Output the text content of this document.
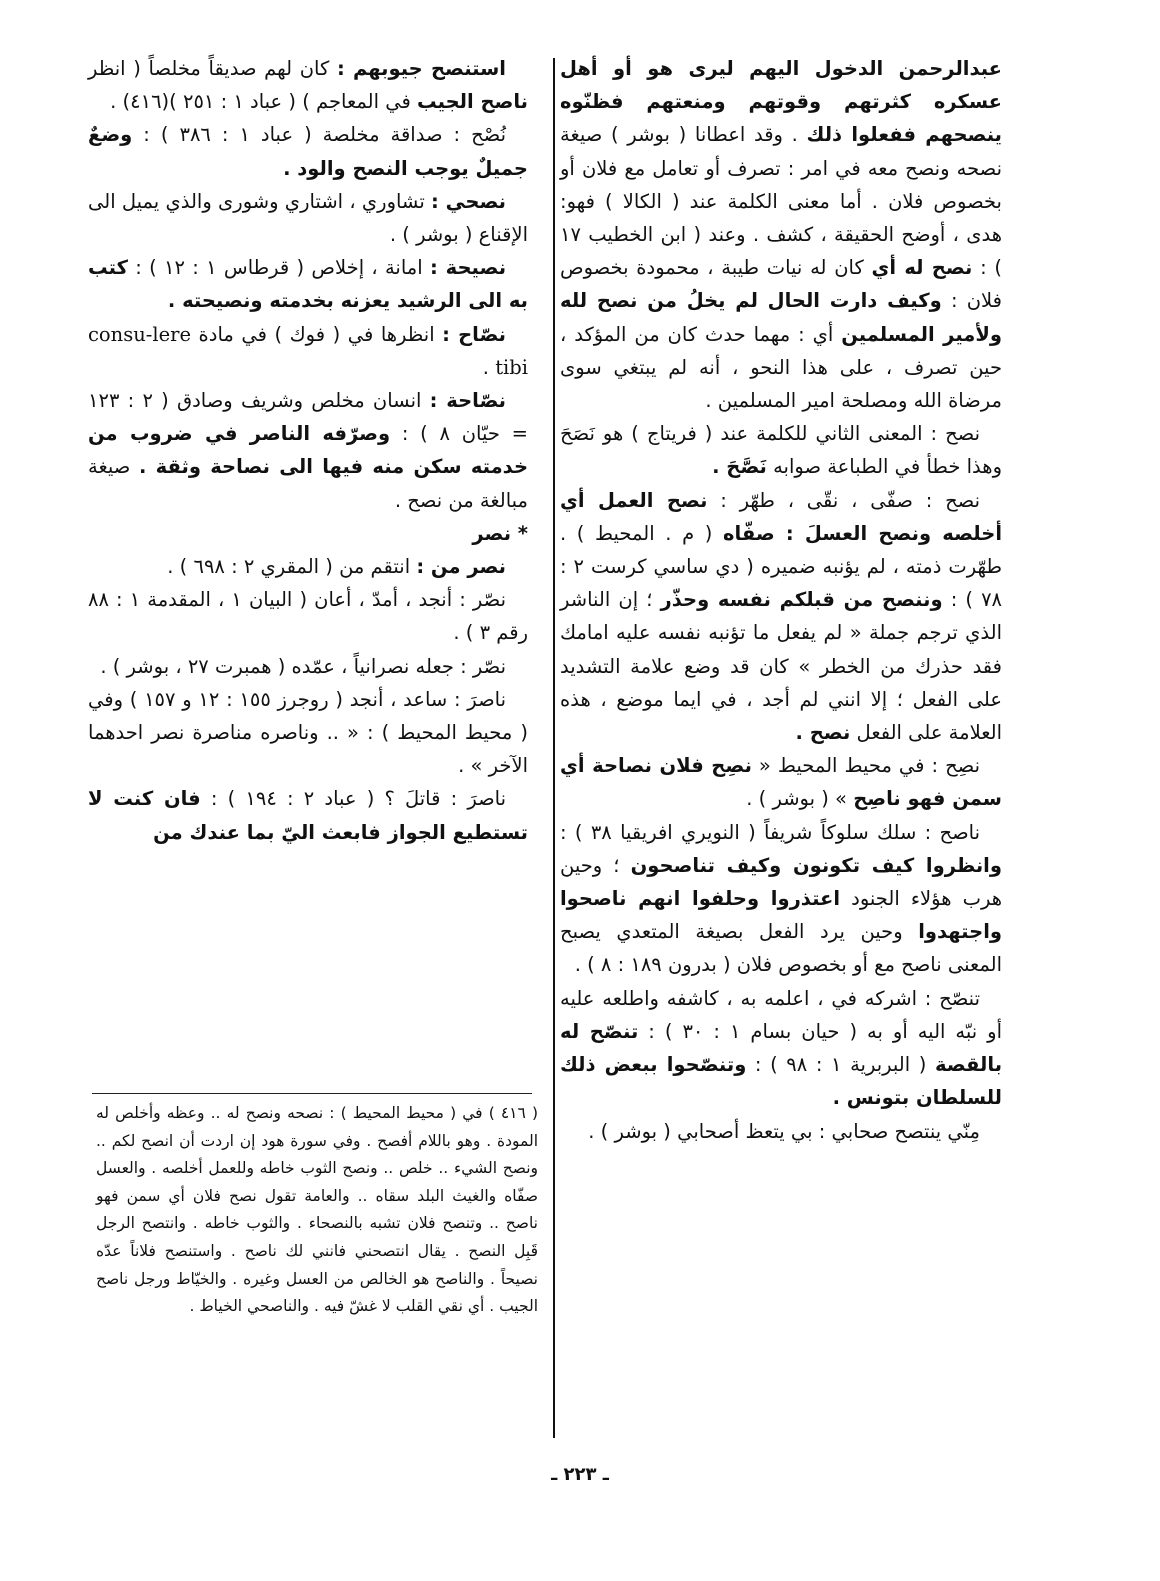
عبدالرحمن الدخول اليهم ليرى هو أو أهل عسكره كثرتهم وقوتهم ومنعتهم فظنّوه ينصحهم ففعلوا ذلك . وقد اعطانا ( بوشر ) صيغة نصحه ونصح معه في امر : تصرف أو تعامل مع فلان أو بخصوص فلان . أما معنى الكلمة عند ( الكالا ) فهو: هدى ، أوضح الحقيقة ، كشف . وعند ( ابن الخطيب ١٧ ) : نصح له أي كان له نيات طيبة ، محمودة بخصوص فلان : وكيف دارت الحال لم يخلُ من نصح لله ولأمير المسلمين أي : مهما حدث كان من المؤكد ، حين تصرف ، على هذا النحو ، أنه لم يبتغي سوى مرضاة الله ومصلحة امير المسلمين .

نصح : المعنى الثاني للكلمة عند ( فريتاج ) هو نَصَحَ وهذا خطأ في الطباعة صوابه نَصَّحَ .

نصح : صفّى ، نقّى ، طهّر : نصح العمل أي أخلصه ونصح العسلَ : صفّاه ( م . المحيط ) . طهّرت ذمته ، لم يؤنبه ضميره ( دي ساسي كرست ٢ : ٧٨ ) : وننصح من قبلكم نفسه وحذّر ؛ إن الناشر الذي ترجم جملة « لم يفعل ما تؤنبه نفسه عليه امامك فقد حذرك من الخطر » كان قد وضع علامة التشديد على الفعل ؛ إلا انني لم أجد ، في ايما موضع ، هذه العلامة على الفعل نصح .

نصِح : في محيط المحيط « نصِح فلان نصاحة أي سمن فهو ناصِح » ( بوشر ) .

ناصح : سلك سلوكاً شريفاً ( النويري افريقيا ٣٨ ) : وانظروا كيف تكونون وكيف تناصحون ؛ وحين هرب هؤلاء الجنود اعتذروا وحلفوا انهم ناصحوا واجتهدوا وحين يرد الفعل بصيغة المتعدي يصبح المعنى ناصح مع أو بخصوص فلان ( بدرون ١٨٩ : ٨ ) .

تنصّح : اشركه في ، اعلمه به ، كاشفه واطلعه عليه أو نبّه اليه أو به ( حيان بسام ١ : ٣٠ ) : تنصّح له بالقصة ( البربرية ١ : ٩٨ ) : وتنصّحوا ببعض ذلك للسلطان بتونس .

مِنّي ينتصح صحابي : بي يتعظ أصحابي ( بوشر ) .

استنصح جيوبهم : كان لهم صديقاً مخلصاً ( انظر ناصح الجيب في المعاجم ) ( عباد ١ : ٢٥١ )(٤١٦) .

نُصْح : صداقة مخلصة ( عباد ١ : ٣٨٦ ) : وضعٌ جميلٌ يوجب النصح والود .

نصحي : تشاوري ، اشتاري وشورى والذي يميل الى الإقناع ( بوشر ) .

نصيحة : امانة ، إخلاص ( قرطاس ١ : ١٢ ) : كتب به الى الرشيد يعزنه بخدمته ونصيحته .

نصّاح : انظرها في ( فوك ) في مادة consu-lere tibi .

نصّاحة : انسان مخلص وشريف وصادق ( ٢ : ١٢٣ = حيّان ٨ ) : وصرّفه الناصر في ضروب من خدمته سكن منه فيها الى نصاحة وثقة . صيغة مبالغة من نصح .

* نصر

نصر من : انتقم من ( المقري ٢ : ٦٩٨ ) .

نصّر : أنجد ، أمدّ ، أعان ( البيان ١ ، المقدمة ١ : ٨٨ رقم ٣ ) .

نصّر : جعله نصرانياً ، عمّده ( همبرت ٢٧ ، بوشر ) .

ناصرَ : ساعد ، أنجد ( روجرز ١٥٥ : ١٢ و ١٥٧ ) وفي ( محيط المحيط ) : « .. وناصره مناصرة نصر احدهما الآخر » .

ناصرَ : قاتلَ ؟ ( عباد ٢ : ١٩٤ ) : فان كنت لا تستطيع الجواز فابعث اليّ بما عندك من

( ٤١٦ ) في ( محيط المحيط ) : نصحه ونصح له .. وعظه وأخلص له المودة . وهو باللام أفصح . وفي سورة هود إن اردت أن انصح لكم .. ونصح الشيء .. خلص .. ونصح الثوب خاطه وللعمل أخلصه . والعسل صفّاه والغيث البلد سقاه .. والعامة تقول نصح فلان أي سمن فهو ناصح .. وتنصح فلان تشبه بالنصحاء . والثوب خاطه . وانتصح الرجل قَبِل النصح . يقال انتصحني فانني لك ناصح . واستنصح فلاناً عدّه نصيحاً . والناصح هو الخالص من العسل وغيره . والخيّاط ورجل ناصح الجيب . أي نقي القلب لا غشّ فيه . والناصحي الخياط .

ـ ٢٢٣ ـ
